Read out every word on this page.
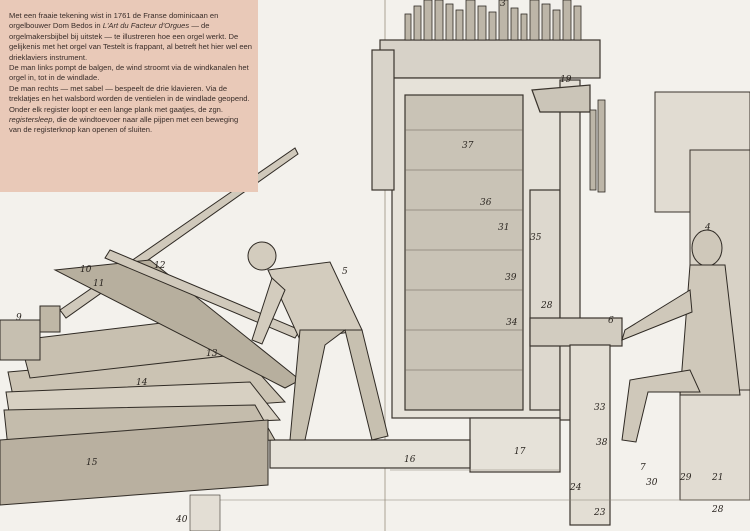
3
19
37
36
4
31
35
39
34
28
6
33
17
16
38
7
30	29
24
21
28
23
5
9
10
11
12
13
14
15
40

Met een fraaie tekening wist in 1761 de Franse dominicaan en orgelbouwer Dom Bedos in L'Art du Facteur d'Orgues — de orgelmakersbijbel bij uitstek — te illustreren hoe een orgel werkt. De gelijkenis met het orgel van Testelt is frappant, al betreft het hier wel een drieklaviers instrument.

De man links pompt de balgen, de wind stroomt via de windkanalen het orgel in, tot in de windlade.

De man rechts — met sabel — bespeelt de drie klavieren. Via de treklatjes en het walsbord worden de ventielen in de windlade geopend.

Onder elk register loopt er een lange plank met gaatjes, de zgn. registersleep, die de windtoevoer naar alle pijpen met een beweging van de registerknop kan openen of sluiten.
